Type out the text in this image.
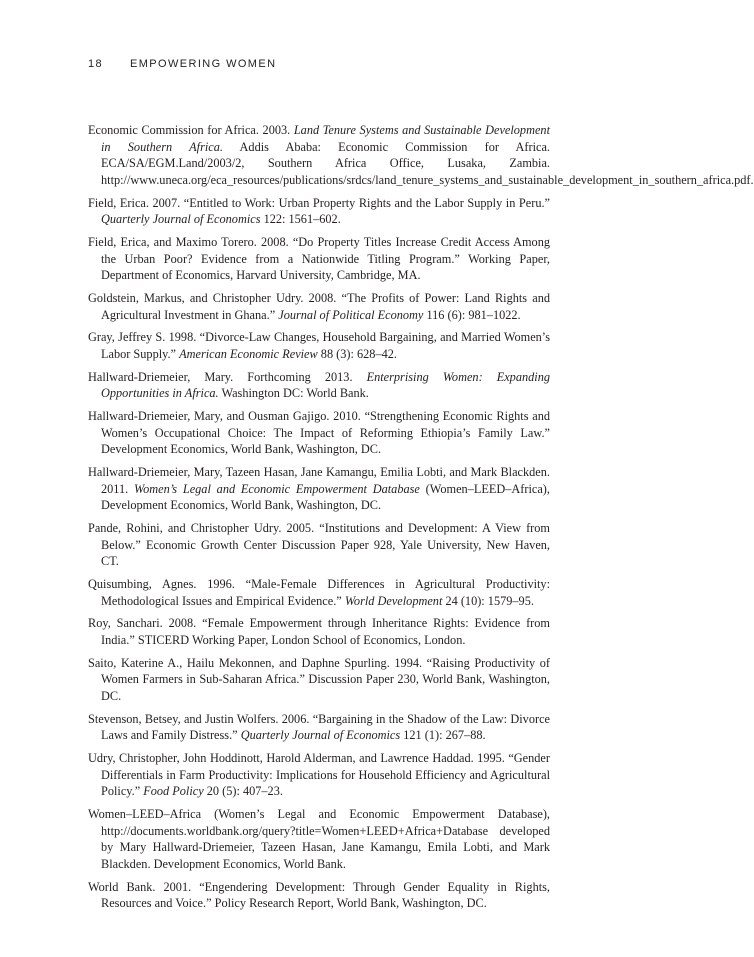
18 EMPOWERING WOMEN

Economic Commission for Africa. 2003. Land Tenure Systems and Sustainable Development in Southern Africa. Addis Ababa: Economic Commission for Africa. ECA/SA/EGM.Land/2003/2, Southern Africa Office, Lusaka, Zambia. http://www.uneca.org/eca_resources/publications/srdcs/land_tenure_systems_and_sustainable_development_in_southern_africa.pdf.

Field, Erica. 2007. “Entitled to Work: Urban Property Rights and the Labor Supply in Peru.” Quarterly Journal of Economics 122: 1561–602.

Field, Erica, and Maximo Torero. 2008. “Do Property Titles Increase Credit Access Among the Urban Poor? Evidence from a Nationwide Titling Program.” Working Paper, Department of Economics, Harvard University, Cambridge, MA.

Goldstein, Markus, and Christopher Udry. 2008. “The Profits of Power: Land Rights and Agricultural Investment in Ghana.” Journal of Political Economy 116 (6): 981–1022.

Gray, Jeffrey S. 1998. “Divorce-Law Changes, Household Bargaining, and Married Women’s Labor Supply.” American Economic Review 88 (3): 628–42.

Hallward-Driemeier, Mary. Forthcoming 2013. Enterprising Women: Expanding Opportunities in Africa. Washington DC: World Bank.

Hallward-Driemeier, Mary, and Ousman Gajigo. 2010. “Strengthening Economic Rights and Women’s Occupational Choice: The Impact of Reforming Ethiopia’s Family Law.” Development Economics, World Bank, Washington, DC.

Hallward-Driemeier, Mary, Tazeen Hasan, Jane Kamangu, Emilia Lobti, and Mark Blackden. 2011. Women’s Legal and Economic Empowerment Database (Women–LEED–Africa), Development Economics, World Bank, Washington, DC.

Pande, Rohini, and Christopher Udry. 2005. “Institutions and Development: A View from Below.” Economic Growth Center Discussion Paper 928, Yale University, New Haven, CT.

Quisumbing, Agnes. 1996. “Male-Female Differences in Agricultural Productivity: Methodological Issues and Empirical Evidence.” World Development 24 (10): 1579–95.

Roy, Sanchari. 2008. “Female Empowerment through Inheritance Rights: Evidence from India.” STICERD Working Paper, London School of Economics, London.

Saito, Katerine A., Hailu Mekonnen, and Daphne Spurling. 1994. “Raising Productivity of Women Farmers in Sub-Saharan Africa.” Discussion Paper 230, World Bank, Washington, DC.

Stevenson, Betsey, and Justin Wolfers. 2006. “Bargaining in the Shadow of the Law: Divorce Laws and Family Distress.” Quarterly Journal of Economics 121 (1): 267–88.

Udry, Christopher, John Hoddinott, Harold Alderman, and Lawrence Haddad. 1995. “Gender Differentials in Farm Productivity: Implications for Household Efficiency and Agricultural Policy.” Food Policy 20 (5): 407–23.

Women–LEED–Africa (Women’s Legal and Economic Empowerment Database), http://documents.worldbank.org/query?title=Women+LEED+Africa+Database developed by Mary Hallward-Driemeier, Tazeen Hasan, Jane Kamangu, Emila Lobti, and Mark Blackden. Development Economics, World Bank.

World Bank. 2001. “Engendering Development: Through Gender Equality in Rights, Resources and Voice.” Policy Research Report, World Bank, Washington, DC.
